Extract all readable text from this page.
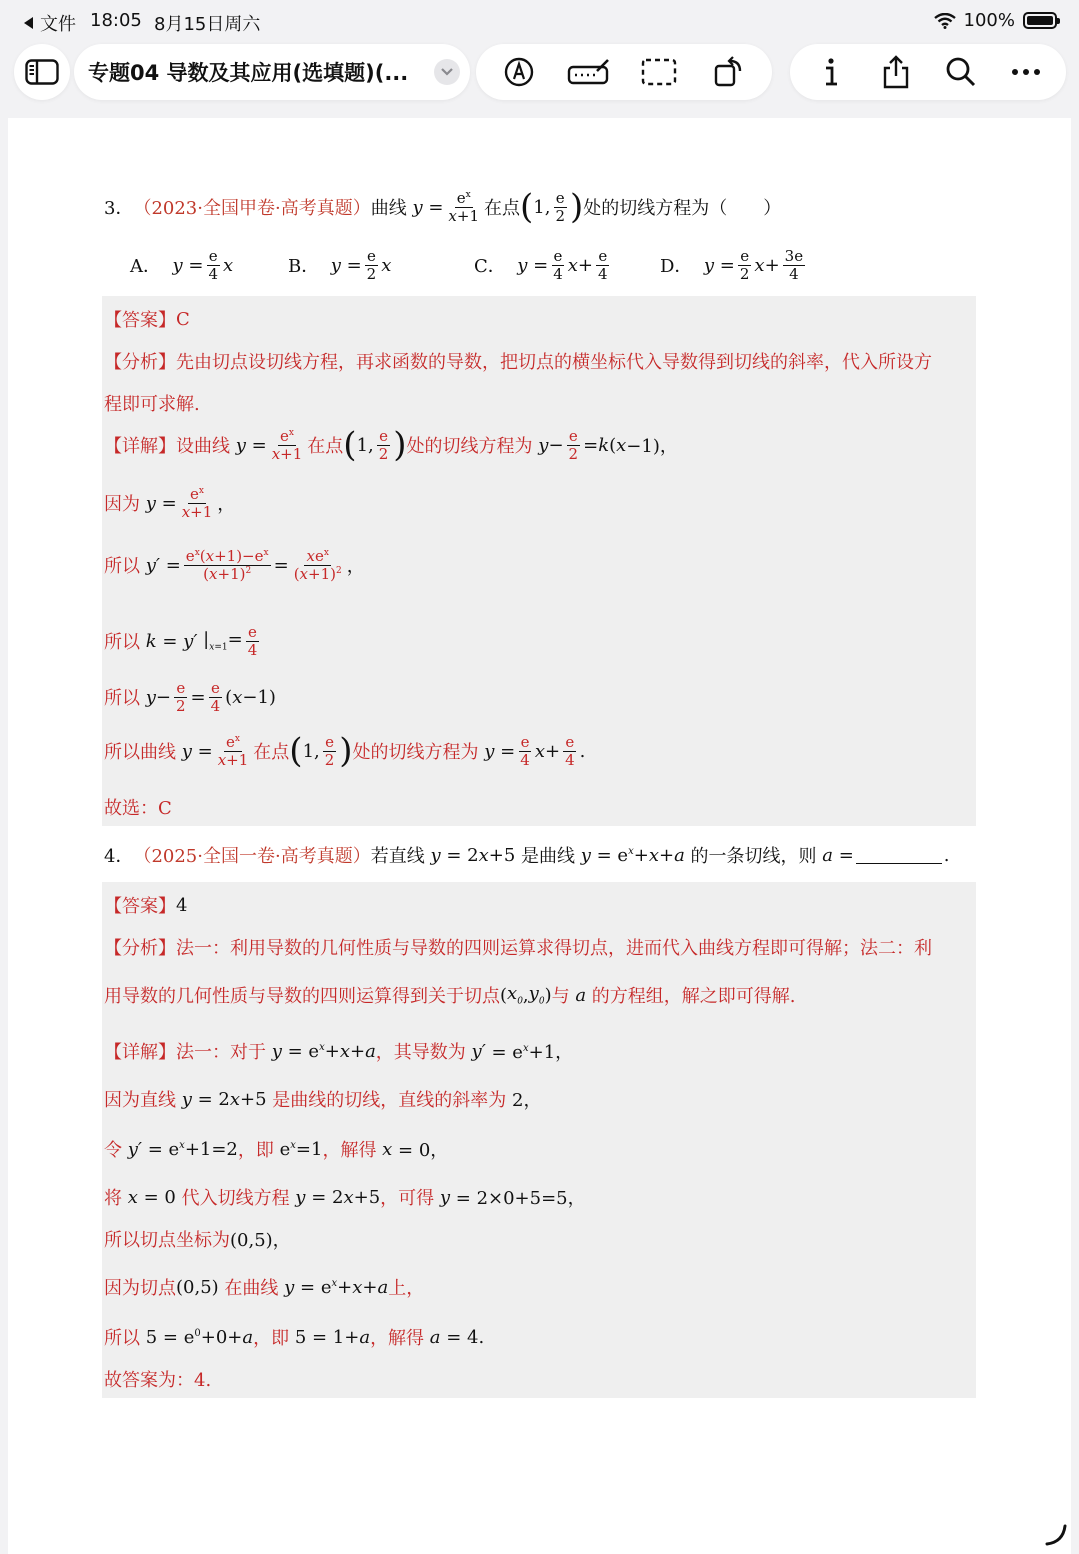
文件 18:05 8月15日周六	100%
专题04 导数及其应用(选填题)(...
3． （2023·全国甲卷·高考真题） 曲线 $y = \frac{e^x}{x+1}$ 在点 ( 1, $\frac{e}{2}$ ) 处的切线方程为（　　）
A．
$y = \frac{e}{4}$ x	B．
$y = \frac{e}{2}$ x	C．
$y = \frac{e}{4}$ $x + \frac{e}{4}$	D．
$y = \frac{e}{2}$ $x + \frac{3e}{4}$
【答案】 C
【分析】 先由切点设切线方程，再求函数的导数，把切点的横坐标代入导数得到切线的斜率，代入所设方
程即可求解.
【详解】 设曲线 $y = \frac{e^x}{x+1}$ 在点 ( 1, $\frac{e}{2}$ ) 处的切线方程为 $y - \frac{e}{2} = k$ ( x −1)，
因为 $y = \frac{e^x}{x+1}$ ，
所以 $y' = \frac{e^x(x+1)-e^x}{(x+1)^2} = \frac{xe^x}{(x+1)^2}$ ，
所以 k = y′ $|_{x=1}= \frac{e}{4}$
所以 $y - \frac{e}{2} = \frac{e}{4}$ ( x −1)
所以曲线 $y = \frac{e^x}{x+1}$ 在点 ( 1, $\frac{e}{2}$ ) 处的切线方程为 $y = \frac{e}{4}$ $x + \frac{e}{4}$ .
故选：C
4． （2025·全国一卷·高考真题） 若直线 y = 2 x +5 是曲线 $y = e^x+ x + a$ 的一条切线，则 a =	.
【答案】 4
【分析】 法一：利用导数的几何性质与导数的四则运算求得切点，进而代入曲线方程即可得解；法二：利
用导数的几何性质与导数的四则运算得到关于切点 ( $x_0$ , $y_0$ ) 与 a 的方程组，解之即可得解.
【详解】 法一：对于 $y = e^x+ x + a$ ，其导数为 $y' = e^x+1$，
因为直线 y = 2 x +5 是曲线的切线，直线的斜率为 2，
令 $y' = e^x+1=2$ ，即 $e^x=1$ ，解得 x = 0，
将 x = 0 代入切线方程 y = 2 x +5 ，可得 y = 2×0+5=5，
所以切点坐标为 (0,5)，
因为切点 (0,5) 在曲线 $y = e^x+ x + a$ 上，
所以 $5 = e^0+0+ a$ ，即 5 = 1+ a ，解得 a = 4.
故答案为：4.
